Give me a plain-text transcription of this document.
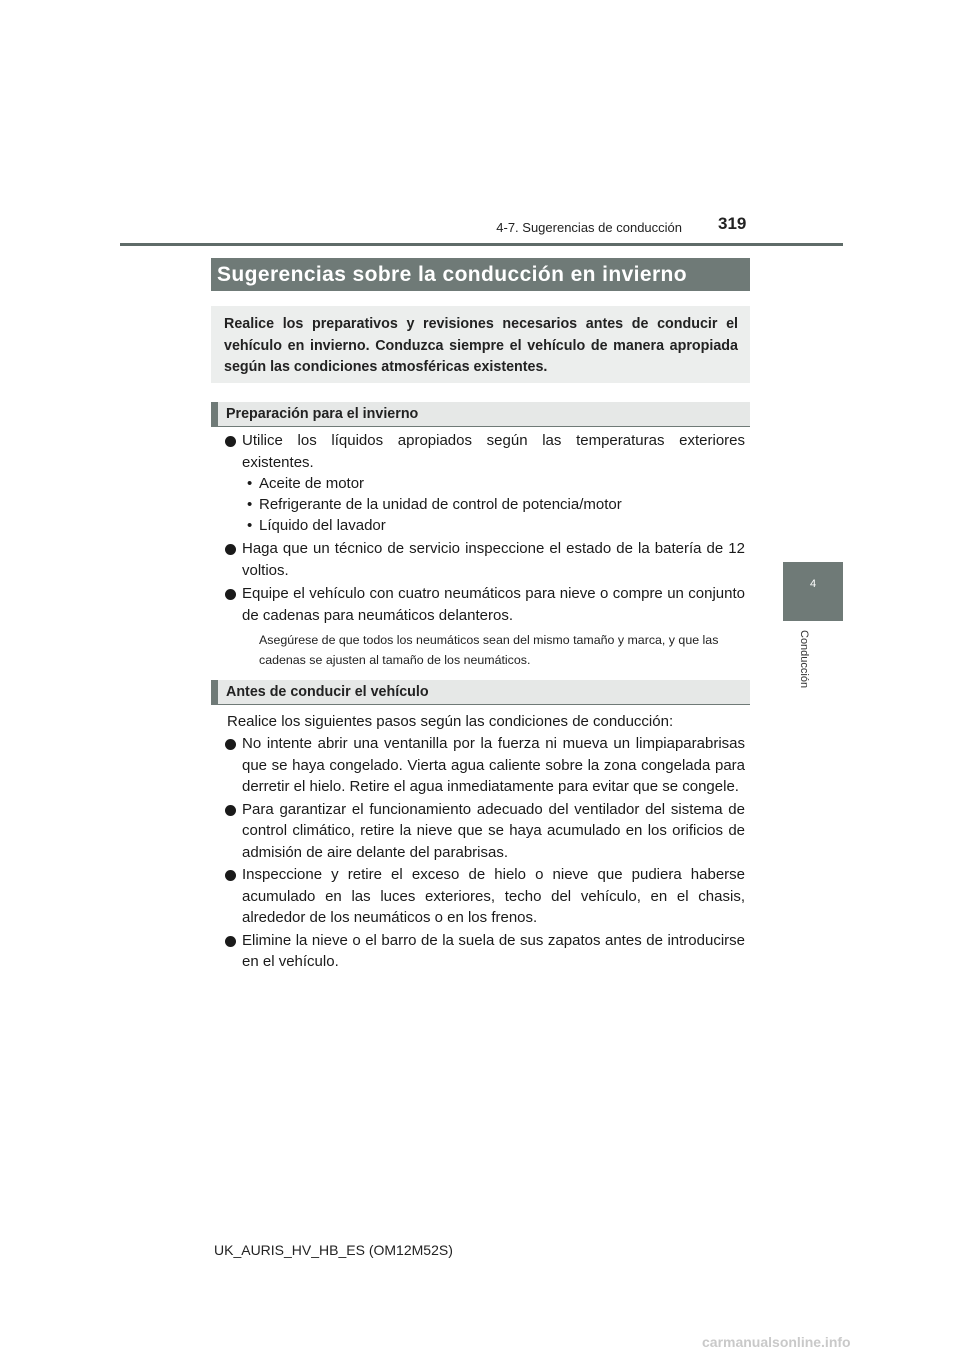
4-7. Sugerencias de conducción 319
4
Conducción
Sugerencias sobre la conducción en invierno
Realice los preparativos y revisiones necesarios antes de conducir el vehículo en invierno. Conduzca siempre el vehículo de manera apropiada según las condiciones atmosféricas existentes.
Preparación para el invierno
Utilice los líquidos apropiados según las temperaturas exteriores existentes.
• Aceite de motor
• Refrigerante de la unidad de control de potencia/motor
• Líquido del lavador
Haga que un técnico de servicio inspeccione el estado de la batería de 12 voltios.
Equipe el vehículo con cuatro neumáticos para nieve o compre un conjunto de cadenas para neumáticos delanteros.
Asegúrese de que todos los neumáticos sean del mismo tamaño y marca, y que las cadenas se ajusten al tamaño de los neumáticos.
Antes de conducir el vehículo
Realice los siguientes pasos según las condiciones de conducción:
No intente abrir una ventanilla por la fuerza ni mueva un limpiaparabrisas que se haya congelado. Vierta agua caliente sobre la zona congelada para derretir el hielo. Retire el agua inmediatamente para evitar que se congele.
Para garantizar el funcionamiento adecuado del ventilador del sistema de control climático, retire la nieve que se haya acumulado en los orificios de admisión de aire delante del parabrisas.
Inspeccione y retire el exceso de hielo o nieve que pudiera haberse acumulado en las luces exteriores, techo del vehículo, en el chasis, alrededor de los neumáticos o en los frenos.
Elimine la nieve o el barro de la suela de sus zapatos antes de introducirse en el vehículo.
UK_AURIS_HV_HB_ES (OM12M52S)
carmanualsonline.info
